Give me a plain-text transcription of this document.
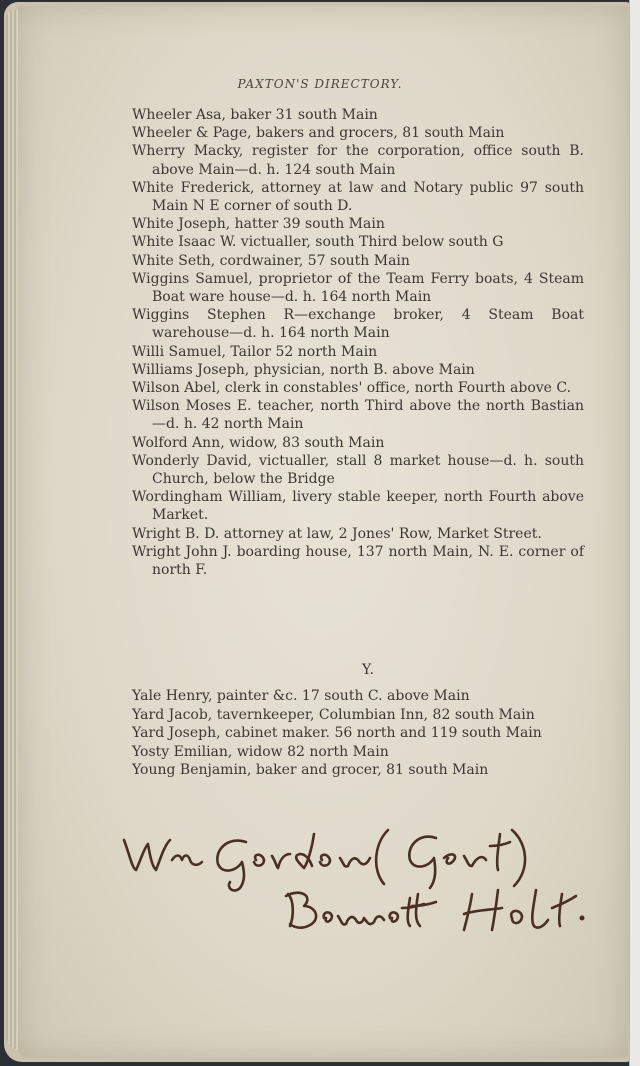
PAXTON'S DIRECTORY.
Wheeler Asa, baker 31 south Main
Wheeler & Page, bakers and grocers, 81 south Main
Wherry Macky, register for the corporation, office south B. above Main—d. h. 124 south Main
White Frederick, attorney at law and Notary public 97 south Main N E corner of south D.
White Joseph, hatter 39 south Main
White Isaac W. victualler, south Third below south G
White Seth, cordwainer, 57 south Main
Wiggins Samuel, proprietor of the Team Ferry boats, 4 Steam Boat ware house—d. h. 164 north Main
Wiggins Stephen R—exchange broker, 4 Steam Boat warehouse—d. h. 164 north Main
Willi Samuel, Tailor 52 north Main
Williams Joseph, physician, north B. above Main
Wilson Abel, clerk in constables' office, north Fourth above C.
Wilson Moses E. teacher, north Third above the north Bastian—d. h. 42 north Main
Wolford Ann, widow, 83 south Main
Wonderly David, victualler, stall 8 market house—d. h. south Church, below the Bridge
Wordingham William, livery stable keeper, north Fourth above Market.
Wright B. D. attorney at law, 2 Jones' Row, Market Street.
Wright John J. boarding house, 137 north Main, N. E. corner of north F.
Y.
Yale Henry, painter &c. 17 south C. above Main
Yard Jacob, tavernkeeper, Columbian Inn, 82 south Main
Yard Joseph, cabinet maker. 56 north and 119 south Main
Yosty Emilian, widow 82 north Main
Young Benjamin, baker and grocer, 81 south Main
